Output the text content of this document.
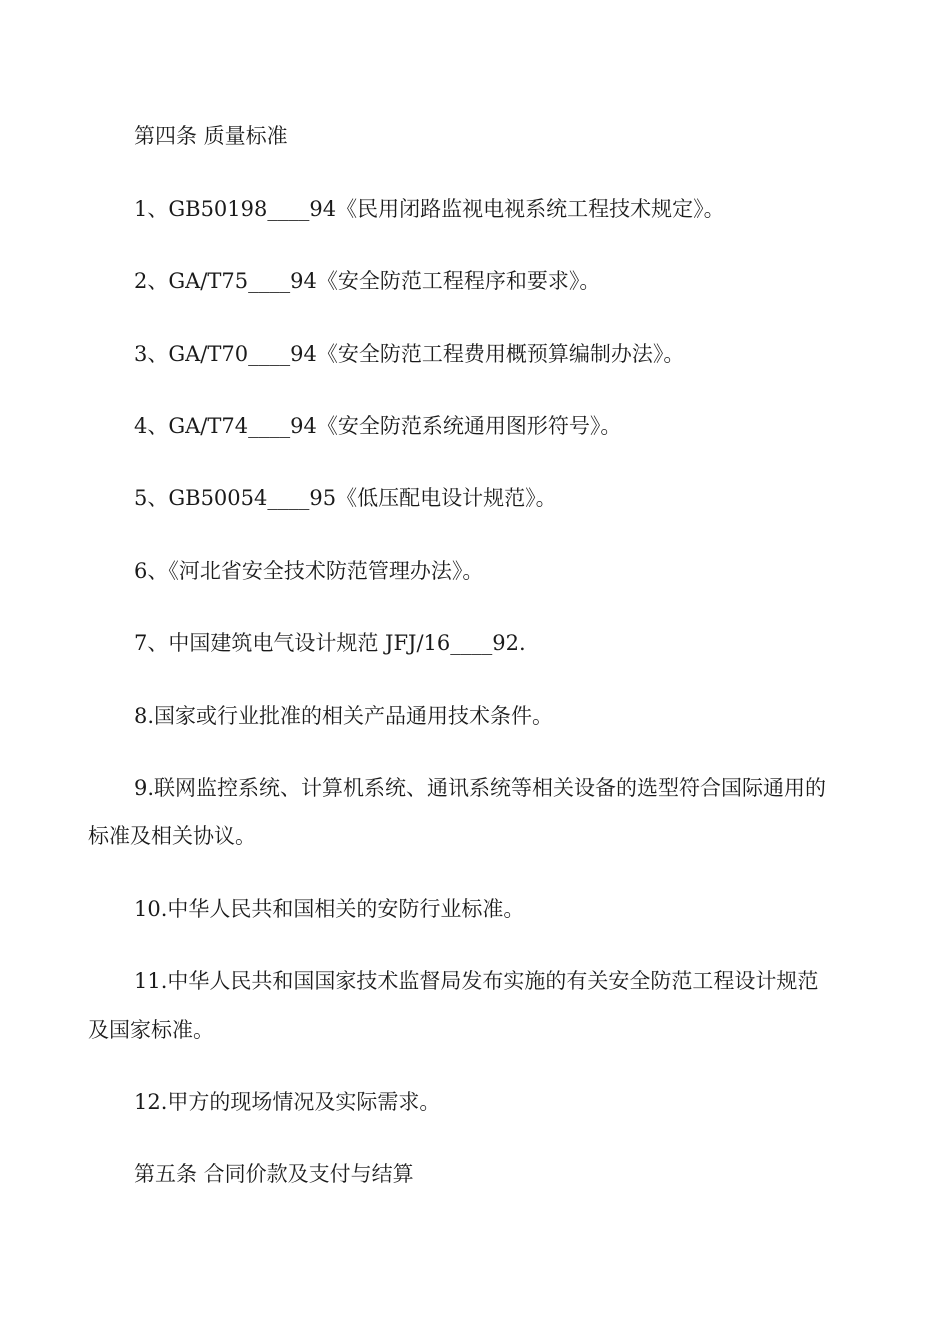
第四条 质量标准
1、GB50198____94《民用闭路监视电视系统工程技术规定》。
2、GA/T75____94《安全防范工程程序和要求》。
3、GA/T70____94《安全防范工程费用概预算编制办法》。
4、GA/T74____94《安全防范系统通用图形符号》。
5、GB50054____95《低压配电设计规范》。
6、《河北省安全技术防范管理办法》。
7、中国建筑电气设计规范 JFJ/16____92.
8.国家或行业批准的相关产品通用技术条件。
9.联网监控系统、计算机系统、通讯系统等相关设备的选型符合国际通用的
标准及相关协议。
10.中华人民共和国相关的安防行业标准。
11.中华人民共和国国家技术监督局发布实施的有关安全防范工程设计规范
及国家标准。
12.甲方的现场情况及实际需求。
第五条 合同价款及支付与结算
